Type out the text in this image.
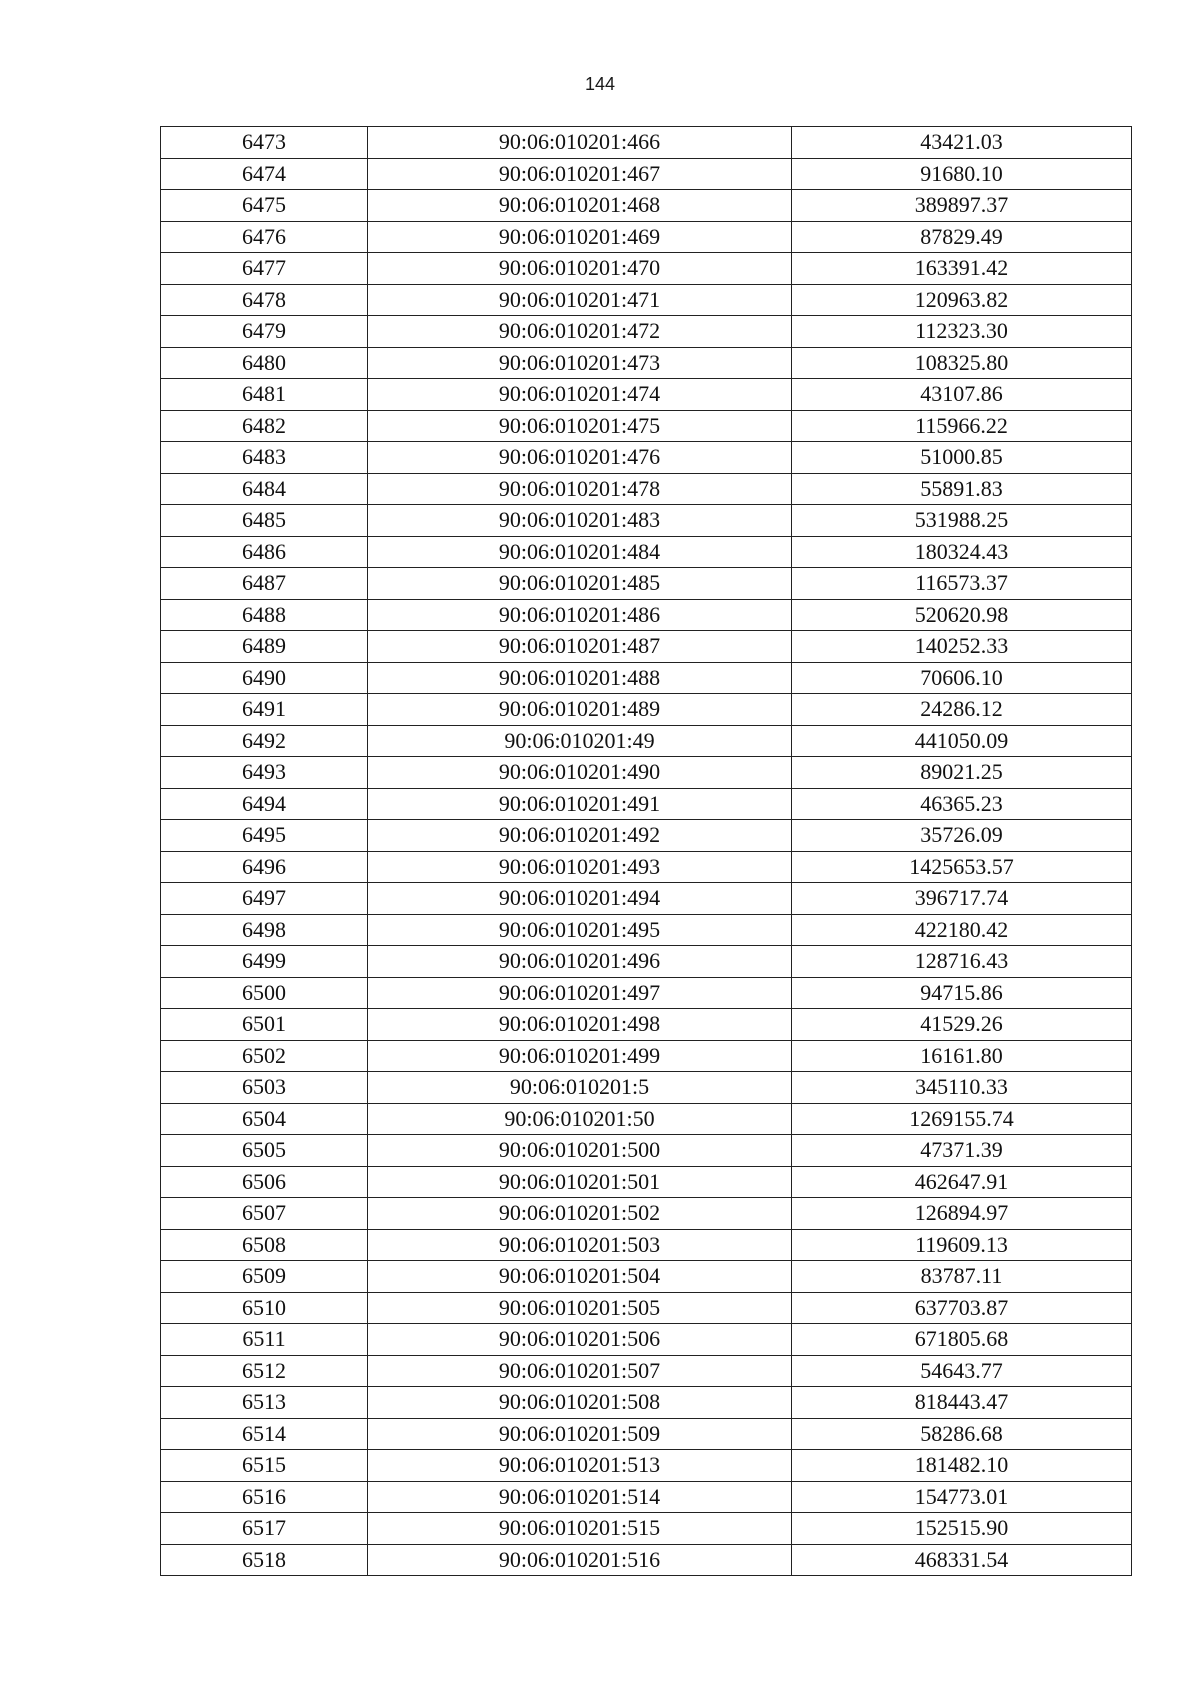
144
6473	90:06:010201:466	43421.03
6474	90:06:010201:467	91680.10
6475	90:06:010201:468	389897.37
6476	90:06:010201:469	87829.49
6477	90:06:010201:470	163391.42
6478	90:06:010201:471	120963.82
6479	90:06:010201:472	112323.30
6480	90:06:010201:473	108325.80
6481	90:06:010201:474	43107.86
6482	90:06:010201:475	115966.22
6483	90:06:010201:476	51000.85
6484	90:06:010201:478	55891.83
6485	90:06:010201:483	531988.25
6486	90:06:010201:484	180324.43
6487	90:06:010201:485	116573.37
6488	90:06:010201:486	520620.98
6489	90:06:010201:487	140252.33
6490	90:06:010201:488	70606.10
6491	90:06:010201:489	24286.12
6492	90:06:010201:49	441050.09
6493	90:06:010201:490	89021.25
6494	90:06:010201:491	46365.23
6495	90:06:010201:492	35726.09
6496	90:06:010201:493	1425653.57
6497	90:06:010201:494	396717.74
6498	90:06:010201:495	422180.42
6499	90:06:010201:496	128716.43
6500	90:06:010201:497	94715.86
6501	90:06:010201:498	41529.26
6502	90:06:010201:499	16161.80
6503	90:06:010201:5	345110.33
6504	90:06:010201:50	1269155.74
6505	90:06:010201:500	47371.39
6506	90:06:010201:501	462647.91
6507	90:06:010201:502	126894.97
6508	90:06:010201:503	119609.13
6509	90:06:010201:504	83787.11
6510	90:06:010201:505	637703.87
6511	90:06:010201:506	671805.68
6512	90:06:010201:507	54643.77
6513	90:06:010201:508	818443.47
6514	90:06:010201:509	58286.68
6515	90:06:010201:513	181482.10
6516	90:06:010201:514	154773.01
6517	90:06:010201:515	152515.90
6518	90:06:010201:516	468331.54
